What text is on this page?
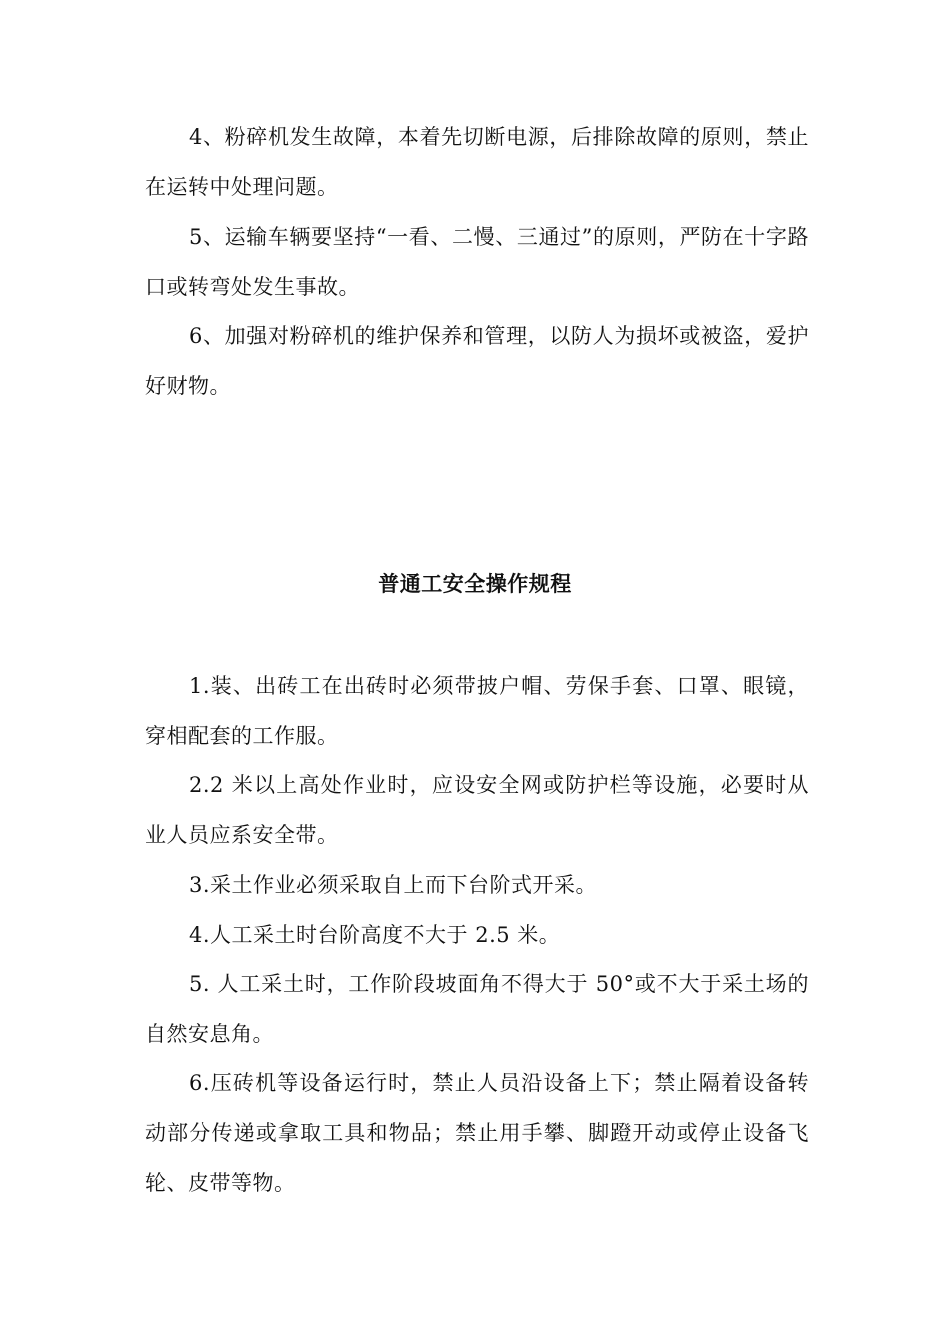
4、粉碎机发生故障，本着先切断电源，后排除故障的原则，禁止在运转中处理问题。

5、运输车辆要坚持“一看、二慢、三通过”的原则，严防在十字路口或转弯处发生事故。

6、加强对粉碎机的维护保养和管理，以防人为损坏或被盗，爱护好财物。

普通工安全操作规程

1.装、出砖工在出砖时必须带披户帽、劳保手套、口罩、眼镜，穿相配套的工作服。

2.2 米以上高处作业时，应设安全网或防护栏等设施，必要时从业人员应系安全带。

3.采土作业必须采取自上而下台阶式开采。

4.人工采土时台阶高度不大于 2.5 米。

5. 人工采土时，工作阶段坡面角不得大于 50°或不大于采土场的自然安息角。

6.压砖机等设备运行时，禁止人员沿设备上下；禁止隔着设备转动部分传递或拿取工具和物品；禁止用手攀、脚蹬开动或停止设备飞轮、皮带等物。
